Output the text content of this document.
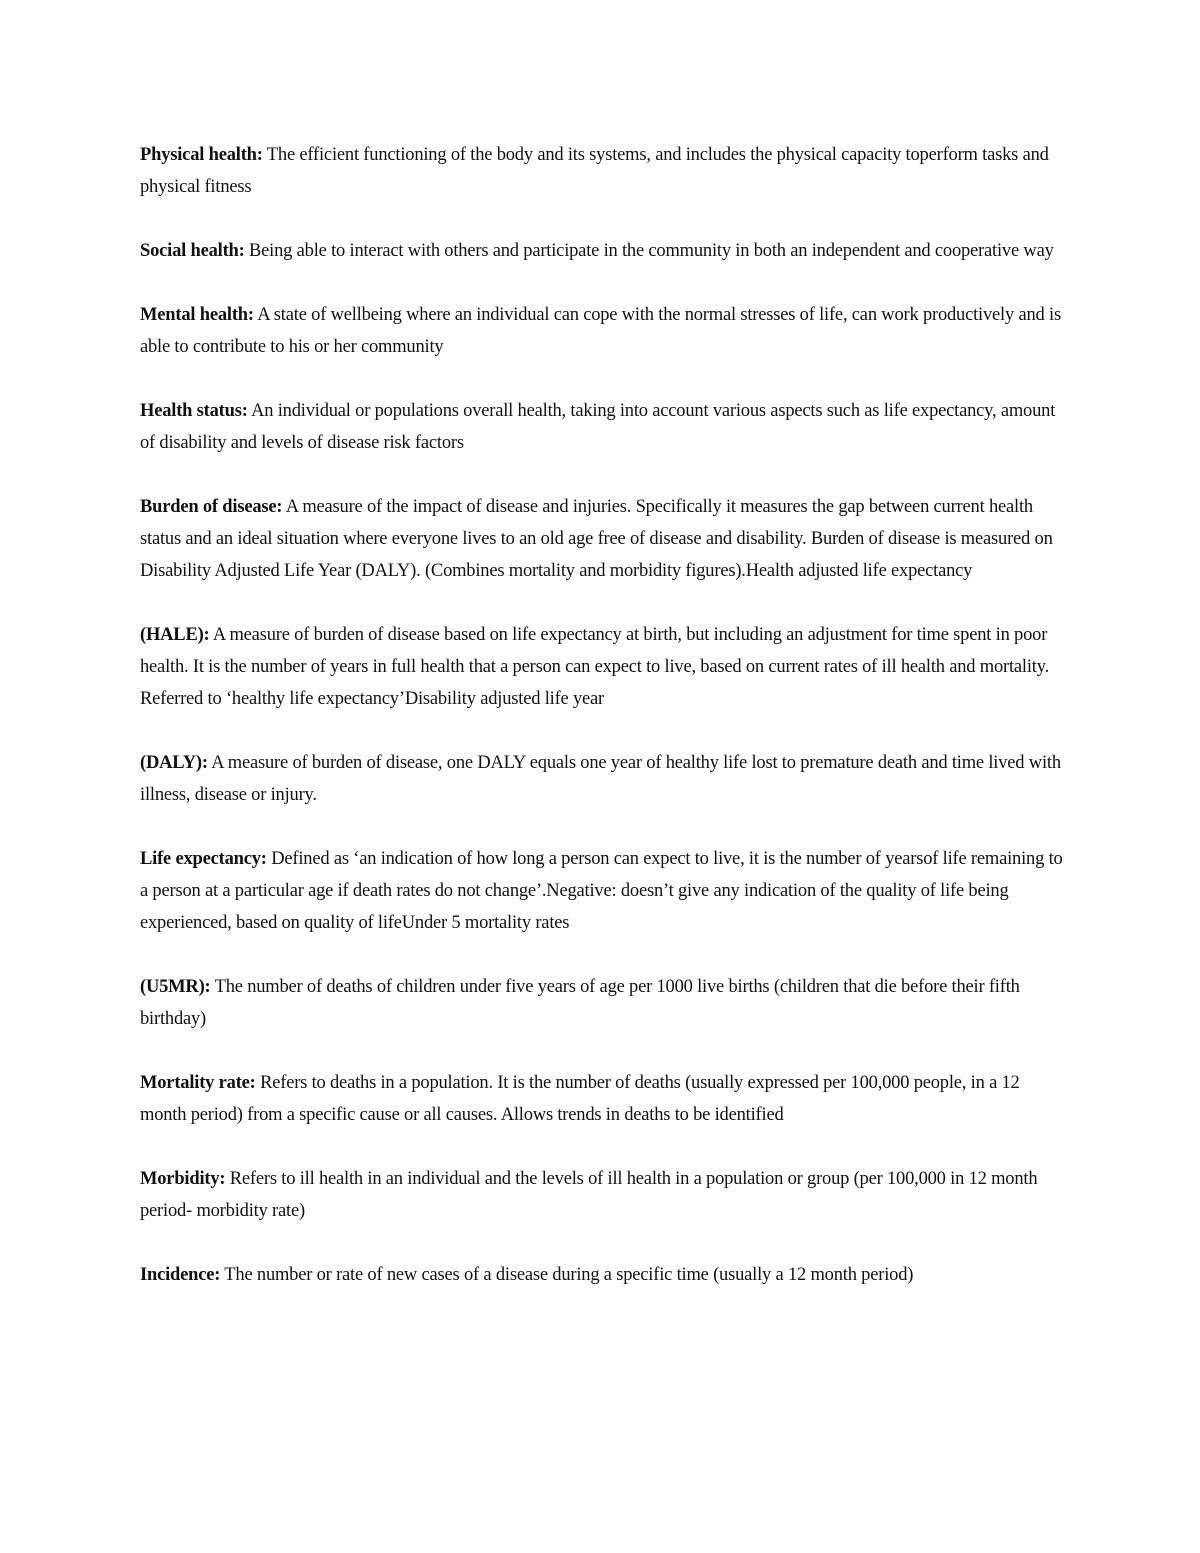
Physical health: The efficient functioning of the body and its systems, and includes the physical capacity toperform tasks and physical fitness

Social health: Being able to interact with others and participate in the community in both an independent and cooperative way

Mental health: A state of wellbeing where an individual can cope with the normal stresses of life, can work productively and is able to contribute to his or her community

Health status: An individual or populations overall health, taking into account various aspects such as life expectancy, amount of disability and levels of disease risk factors

Burden of disease: A measure of the impact of disease and injuries. Specifically it measures the gap between current health status and an ideal situation where everyone lives to an old age free of disease and disability. Burden of disease is measured on Disability Adjusted Life Year (DALY). (Combines mortality and morbidity figures).Health adjusted life expectancy

(HALE): A measure of burden of disease based on life expectancy at birth, but including an adjustment for time spent in poor health. It is the number of years in full health that a person can expect to live, based on current rates of ill health and mortality. Referred to ‘healthy life expectancy’Disability adjusted life year

(DALY): A measure of burden of disease, one DALY equals one year of healthy life lost to premature death and time lived with illness, disease or injury.

Life expectancy: Defined as ‘an indication of how long a person can expect to live, it is the number of yearsof life remaining to a person at a particular age if death rates do not change’.Negative: doesn’t give any indication of the quality of life being experienced, based on quality of lifeUnder 5 mortality rates

(U5MR): The number of deaths of children under five years of age per 1000 live births (children that die before their fifth birthday)

Mortality rate: Refers to deaths in a population. It is the number of deaths (usually expressed per 100,000 people, in a 12 month period) from a specific cause or all causes. Allows trends in deaths to be identified

Morbidity: Refers to ill health in an individual and the levels of ill health in a population or group (per 100,000 in 12 month period- morbidity rate)

Incidence: The number or rate of new cases of a disease during a specific time (usually a 12 month period)
